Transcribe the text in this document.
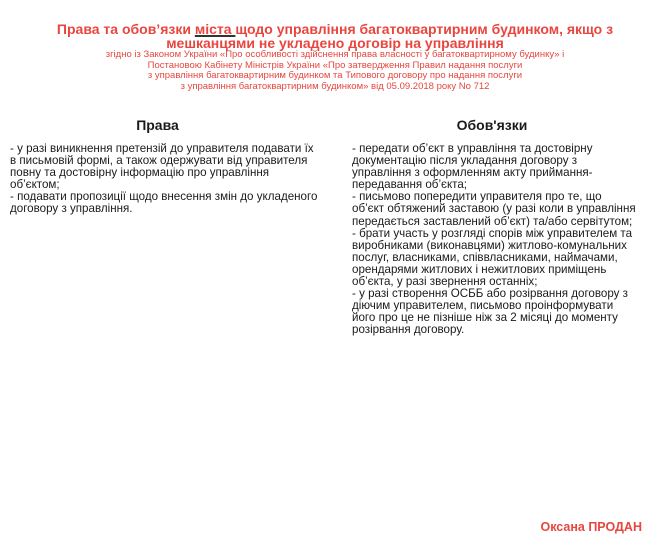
Права та обов’язки міста щодо управління багатоквартирним будинком, якщо з мешканцями не укладено договір на управління
згідно із Законом України «Про особливості здійснення права власності у багатоквартирному будинку» і
Постановою Кабінету Міністрів України «Про затвердження Правил надання послуги
з управління багатоквартирним будинком та Типового договору про надання послуги
з управління багатоквартирним будинком» від 05.09.2018 року No 712
Права	Обов'язки
- у разі виникнення претензій до управителя подавати їх
в письмовій формі, а також одержувати від управителя
повну та достовірну інформацію про управління
об’єктом;
- подавати пропозиції щодо внесення змін до укладеного
договору з управління.
- передати об’єкт в управління та достовірну
документацію після укладання договору з
управління з оформленням акту приймання-
передавання об’єкта;
- письмово попередити управителя про те, що
об’єкт обтяжений заставою (у разі коли в управління
передається заставлений об’єкт) та/або сервітутом;
- брати участь у розгляді спорів між управителем та
виробниками (виконавцями) житлово-комунальних
послуг, власниками, співвласниками, наймачами,
орендарями житлових і нежитлових приміщень
об’єкта, у разі звернення останніх;
- у разі створення ОСББ або розірвання договору з
діючим управителем, письмово проінформувати
його про це не пізніше ніж за 2 місяці до моменту
розірвання договору.
Оксана ПРОДАН
